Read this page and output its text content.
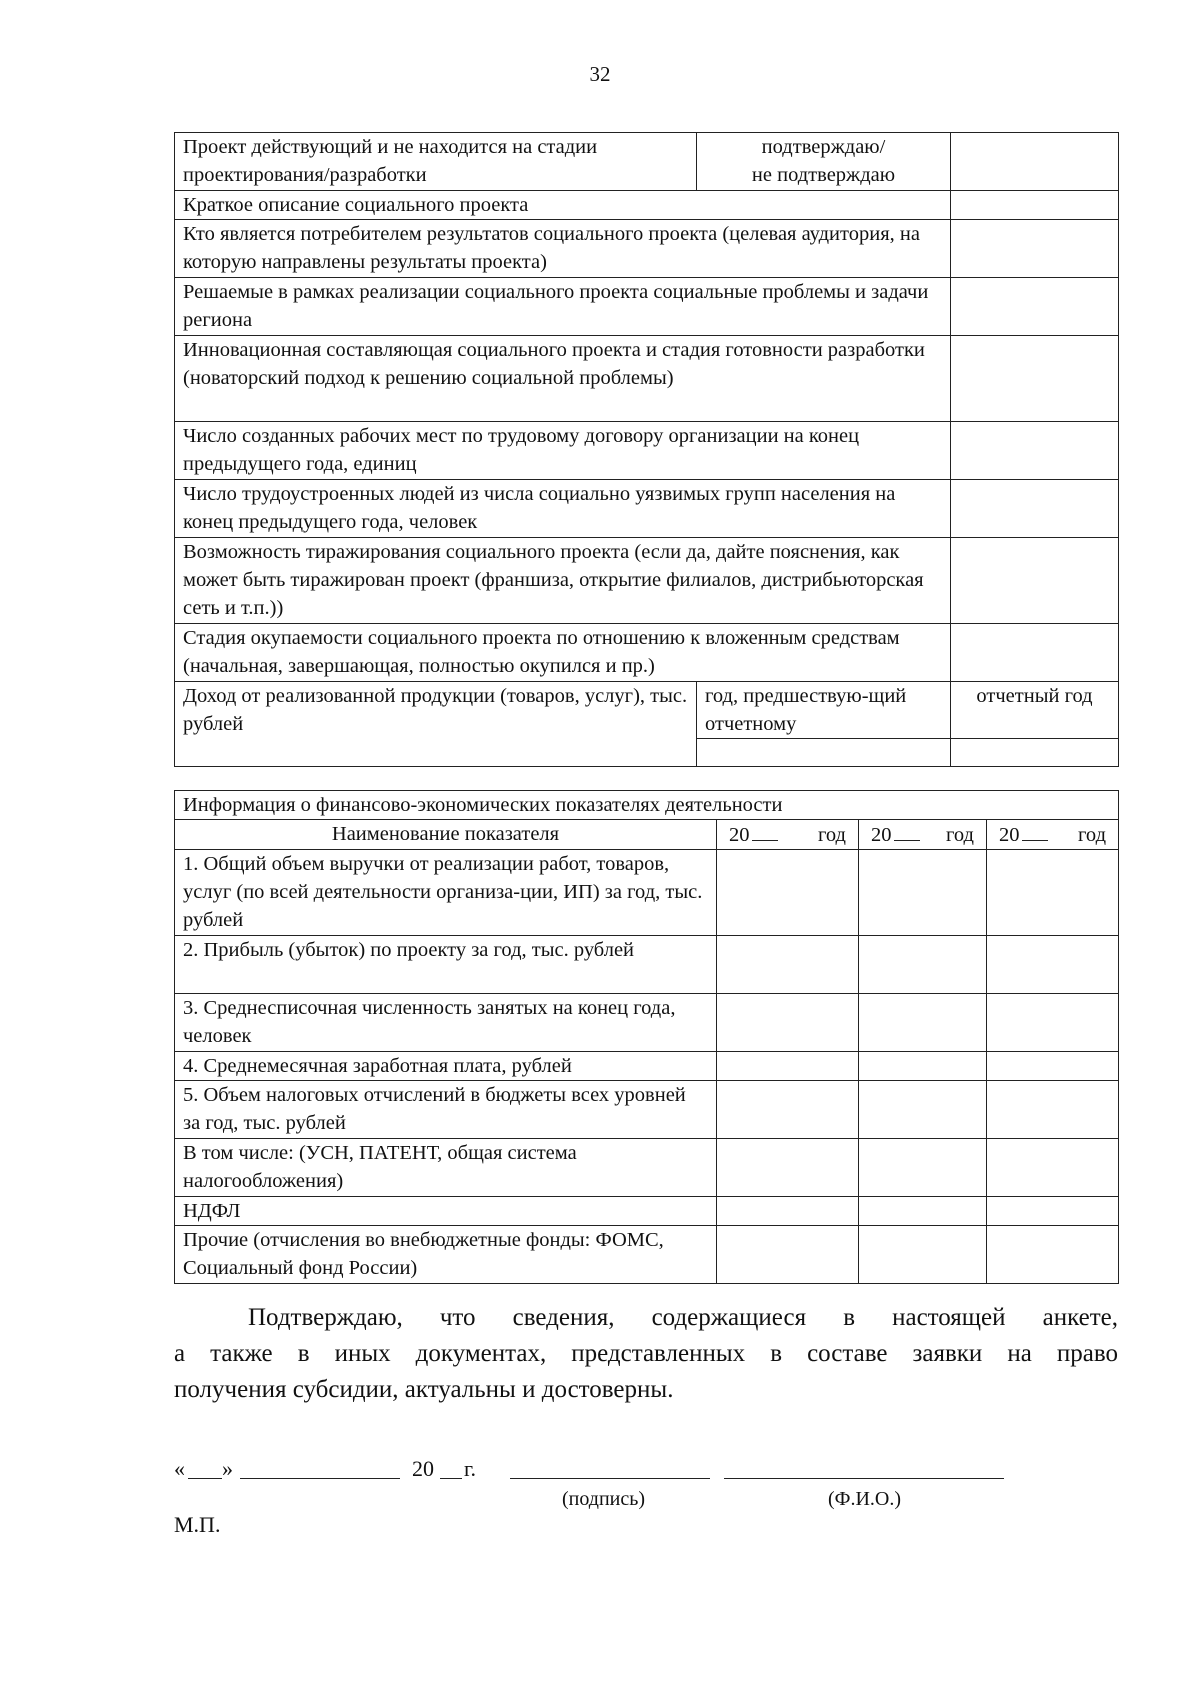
32
Проект действующий и не находится на стадии проектирования/разработки	подтверждаю/
не подтверждаю	

Краткое описание социального проекта		
Кто является потребителем результатов социального проекта (целевая аудитория, на которую направлены результаты проекта)		
Решаемые в рамках реализации социального проекта социальные проблемы и задачи региона		
Инновационная составляющая социального проекта и стадия готовности разработки (новаторский подход к решению социальной проблемы)		
Число созданных рабочих мест по трудовому договору организации на конец предыдущего года, единиц		
Число трудоустроенных людей из числа социально уязвимых групп населения на конец предыдущего года, человек		
Возможность тиражирования социального проекта (если да, дайте пояснения, как может быть тиражирован проект (франшиза, открытие филиалов, дистрибьюторская сеть и т.п.))		
Стадия окупаемости социального проекта по отношению к вложенным средствам (начальная, завершающая, полностью окупился и пр.)		
Доход от реализованной продукции (товаров, услуг), тыс. рублей	год, предшествую-щий отчетному	отчетный год

Информация о финансово-экономических показателях деятельности			
Наименование показателя	20 год	20 год	20 год

1. Общий объем выручки от реализации работ, товаров, услуг (по всей деятельности организа-ции, ИП) за год, тыс. рублей			
2. Прибыль (убыток) по проекту за год, тыс. рублей			
3. Среднесписочная численность занятых на конец года, человек			
4. Среднемесячная заработная плата, рублей			
5. Объем налоговых отчислений в бюджеты всех уровней за год, тыс. рублей			
В том числе: (УСН, ПАТЕНТ, общая система налогообложения)			
НДФЛ			
Прочие (отчисления во внебюджетные фонды: ФОМС, Социальный фонд России)			

Подтверждаю, что сведения, содержащиеся в настоящей анкете,

а также в иных документах, представленных в составе заявки на право

получения субсидии, актуальны и достоверны.

« »	20 г.
(подпись)	(Ф.И.О.)
М.П.
